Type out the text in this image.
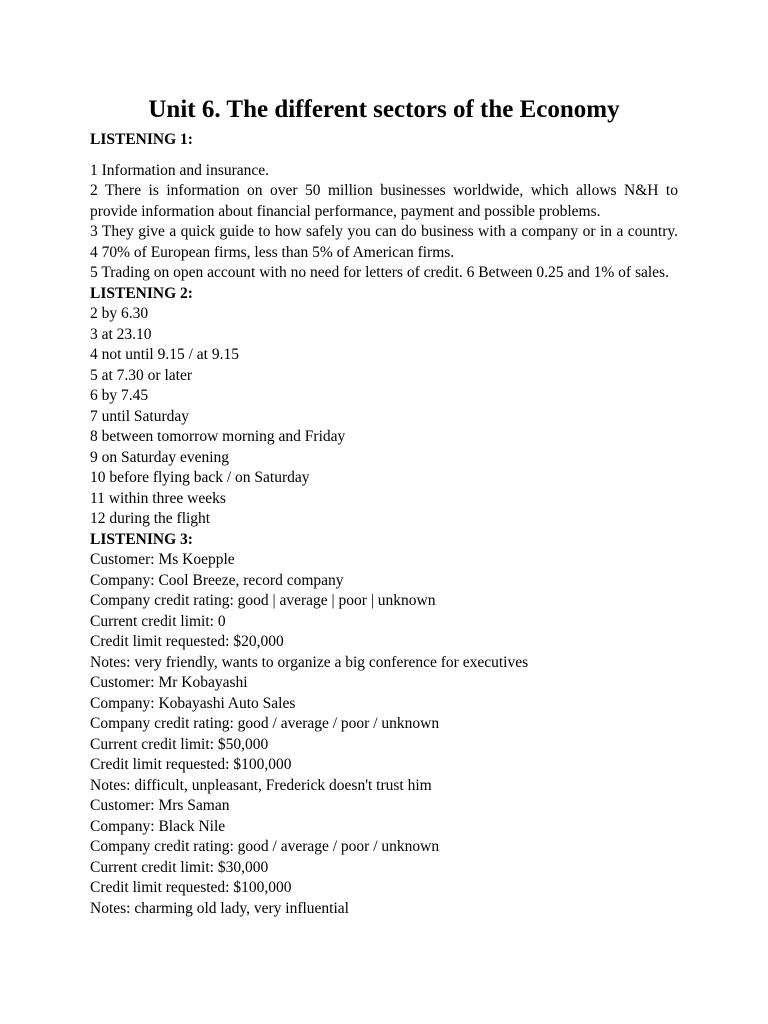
Unit 6. The different sectors of the Economy
LISTENING 1:
1 Information and insurance.
2 There is information on over 50 million businesses worldwide, which allows N&H to provide information about financial performance, payment and possible problems.
3 They give a quick guide to how safely you can do business with a company or in a country. 4 70% of European firms, less than 5% of American firms.
5 Trading on open account with no need for letters of credit. 6 Between 0.25 and 1% of sales.
LISTENING 2:
2 by 6.30
3 at 23.10
4 not until 9.15 / at 9.15
5 at 7.30 or later
6 by 7.45
7 until Saturday
8 between tomorrow morning and Friday
9 on Saturday evening
10 before flying back / on Saturday
11 within three weeks
12 during the flight
LISTENING 3:
Customer: Ms Koepple
Company: Cool Breeze, record company
Company credit rating: good | average | poor | unknown
Current credit limit: 0
Credit limit requested: $20,000
Notes: very friendly, wants to organize a big conference for executives
Customer: Mr Kobayashi
Company: Kobayashi Auto Sales
Company credit rating: good / average / poor / unknown
Current credit limit: $50,000
Credit limit requested: $100,000
Notes: difficult, unpleasant, Frederick doesn't trust him
Customer: Mrs Saman
Company: Black Nile
Company credit rating: good / average / poor / unknown
Current credit limit: $30,000
Credit limit requested: $100,000
Notes: charming old lady, very influential
